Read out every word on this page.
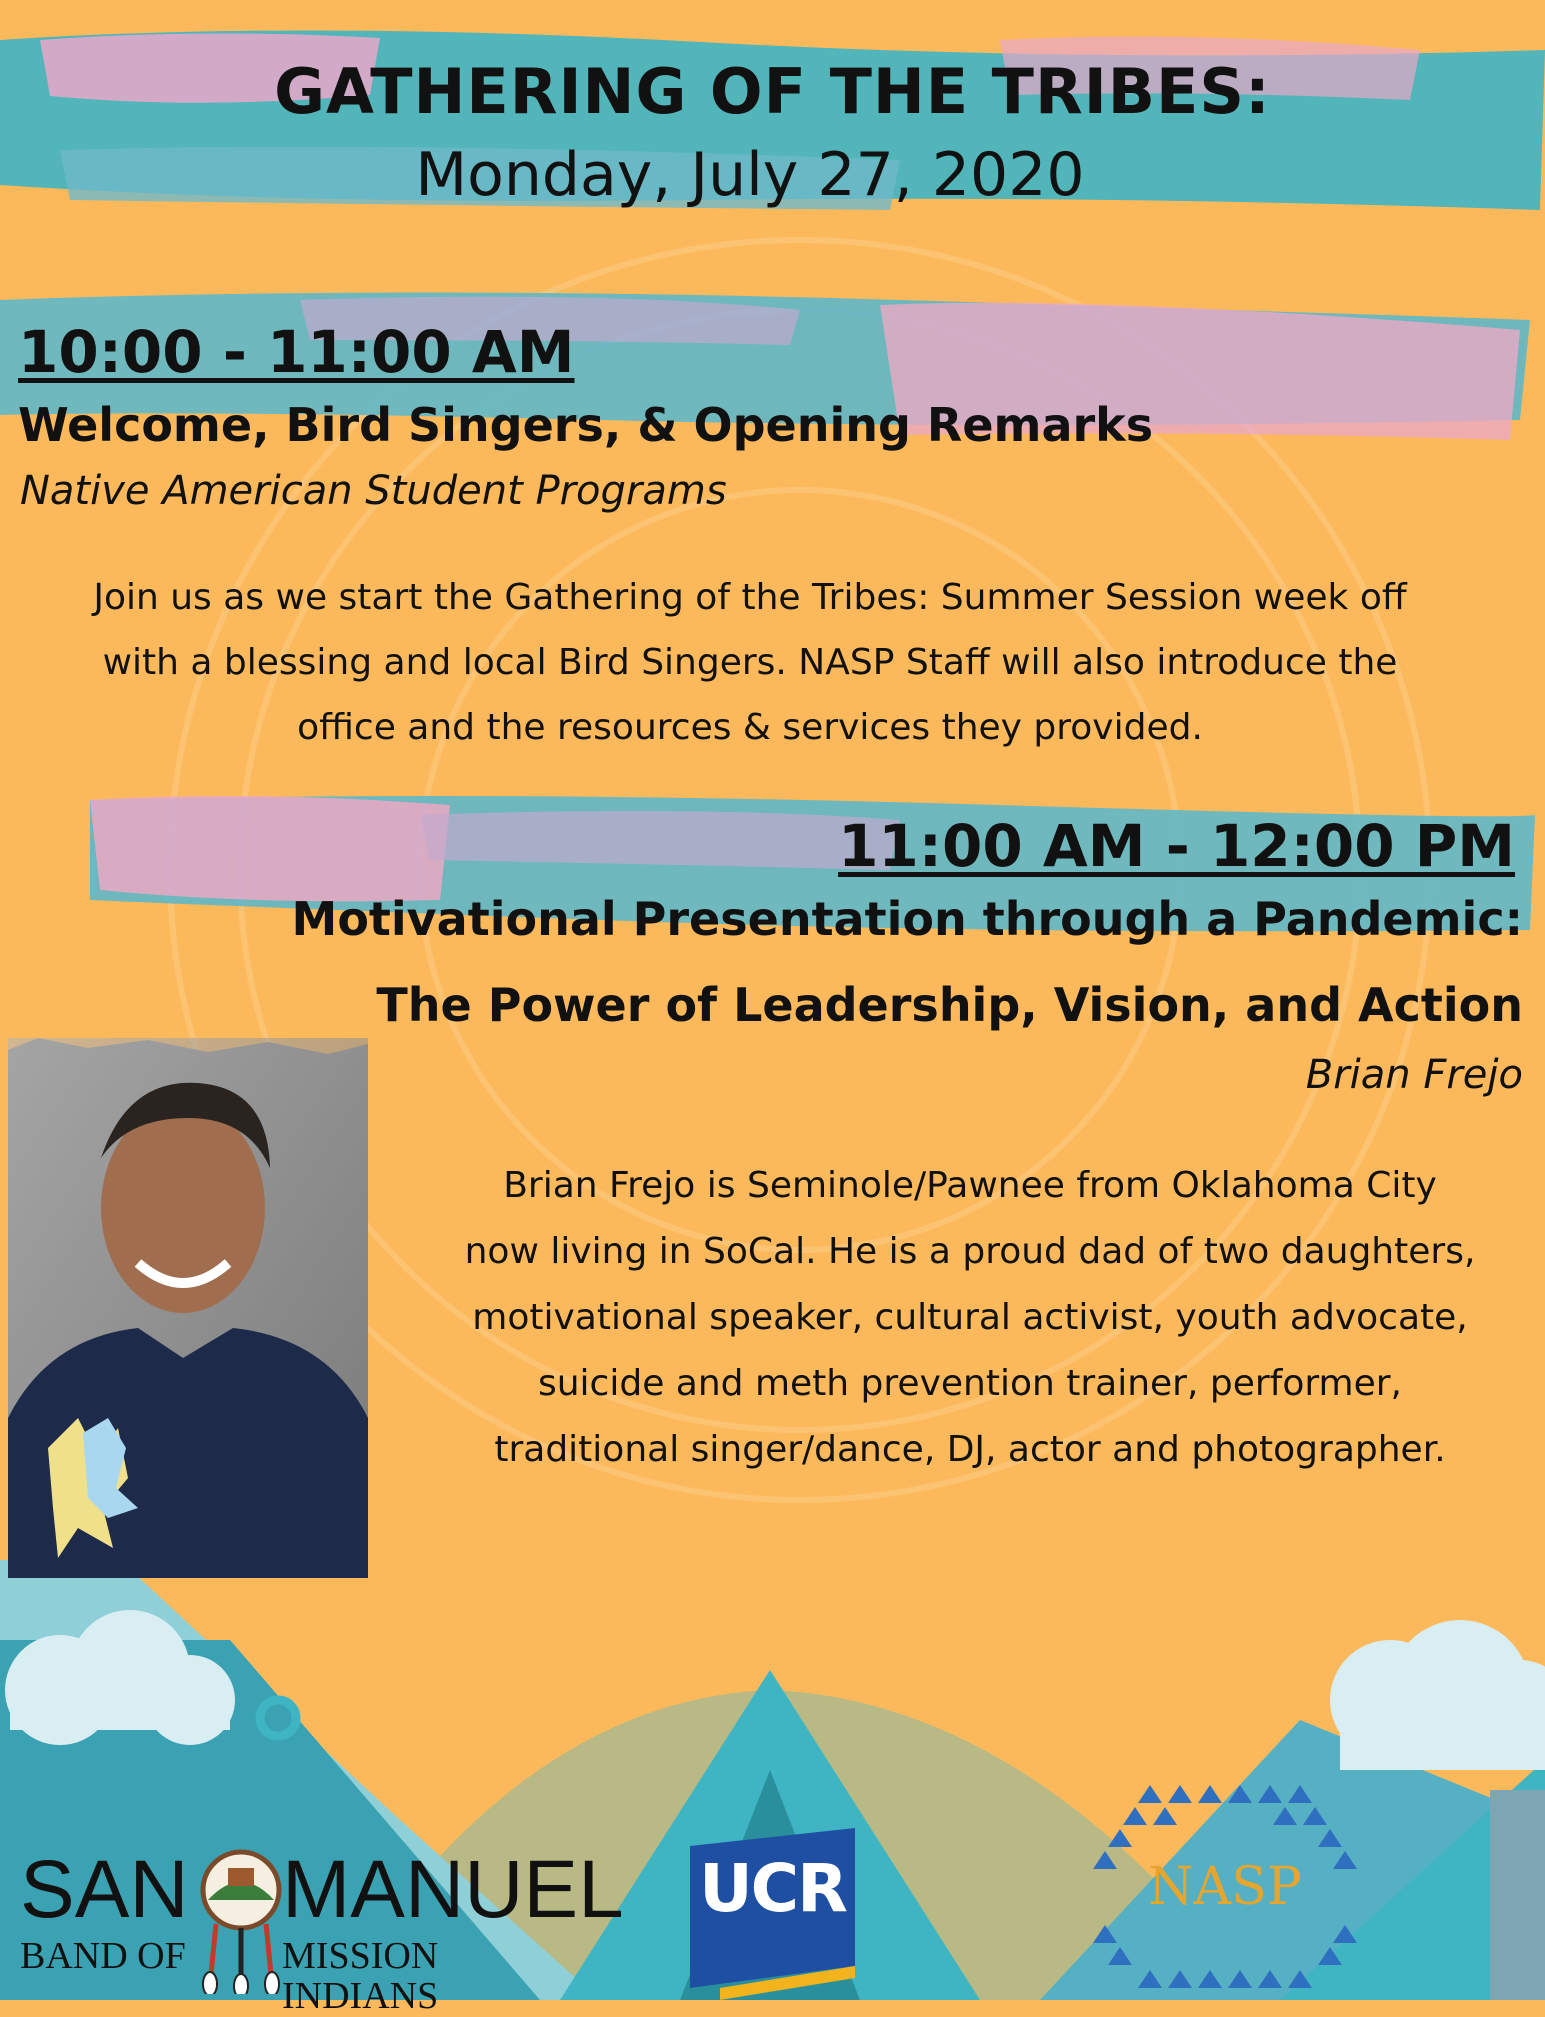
GATHERING OF THE TRIBES:
Monday, July 27, 2020
10:00 - 11:00 AM
Welcome, Bird Singers, & Opening Remarks
Native American Student Programs
Join us as we start the Gathering of the Tribes: Summer Session week off
with a blessing and local Bird Singers. NASP Staff will also introduce the
office and the resources & services they provided.
11:00 AM - 12:00 PM
Motivational Presentation through a Pandemic:
The Power of Leadership, Vision, and Action
Brian Frejo
Brian Frejo is Seminole/Pawnee from Oklahoma City
now living in SoCal. He is a proud dad of two daughters,
motivational speaker, cultural activist, youth advocate,
suicide and meth prevention trainer, performer,
traditional singer/dance, DJ, actor and photographer.
SAN MANUEL
BAND OF	MISSION INDIANS
UCR	NASP
